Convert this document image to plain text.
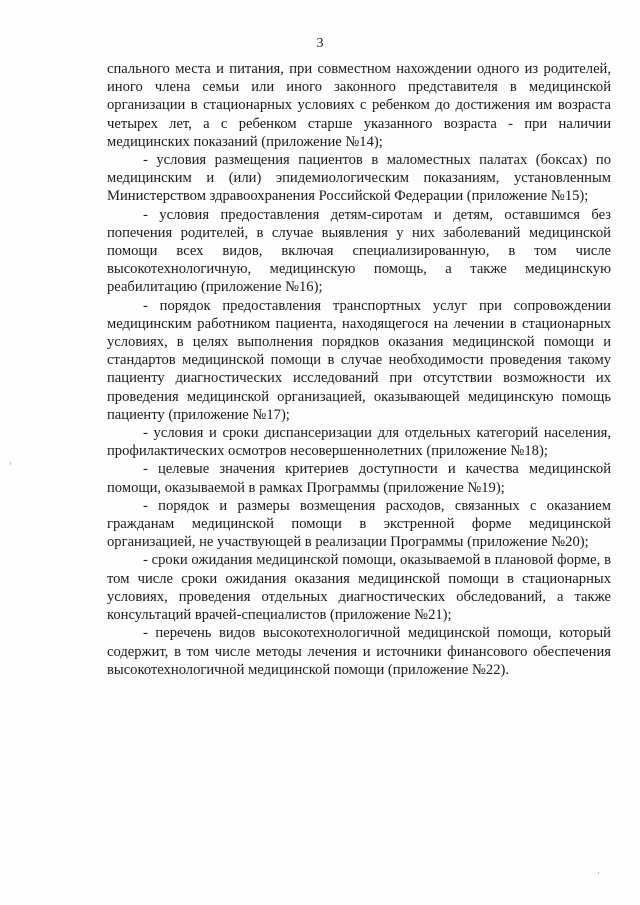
3

спального места и питания, при совместном нахождении одного из родителей, иного члена семьи или иного законного представителя в медицинской организации в стационарных условиях с ребенком до достижения им возраста четырех лет, а с ребенком старше указанного возраста - при наличии медицинских показаний (приложение №14);

- условия размещения пациентов в маломестных палатах (боксах) по медицинским и (или) эпидемиологическим показаниям, установленным Министерством здравоохранения Российской Федерации (приложение №15);

- условия предоставления детям-сиротам и детям, оставшимся без попечения родителей, в случае выявления у них заболеваний медицинской помощи всех видов, включая специализированную, в том числе высокотехнологичную, медицинскую помощь, а также медицинскую реабилитацию (приложение №16);

- порядок предоставления транспортных услуг при сопровождении медицинским работником пациента, находящегося на лечении в стационарных условиях, в целях выполнения порядков оказания медицинской помощи и стандартов медицинской помощи в случае необходимости проведения такому пациенту диагностических исследований при отсутствии возможности их проведения медицинской организацией, оказывающей медицинскую помощь пациенту (приложение №17);

- условия и сроки диспансеризации для отдельных категорий населения, профилактических осмотров несовершеннолетних (приложение №18);

- целевые значения критериев доступности и качества медицинской помощи, оказываемой в рамках Программы (приложение №19);

- порядок и размеры возмещения расходов, связанных с оказанием гражданам медицинской помощи в экстренной форме медицинской организацией, не участвующей в реализации Программы (приложение №20);

- сроки ожидания медицинской помощи, оказываемой в плановой форме, в том числе сроки ожидания оказания медицинской помощи в стационарных условиях, проведения отдельных диагностических обследований, а также консультаций врачей-специалистов (приложение №21);

- перечень видов высокотехнологичной медицинской помощи, который содержит, в том числе методы лечения и источники финансового обеспечения высокотехнологичной медицинской помощи (приложение №22).
